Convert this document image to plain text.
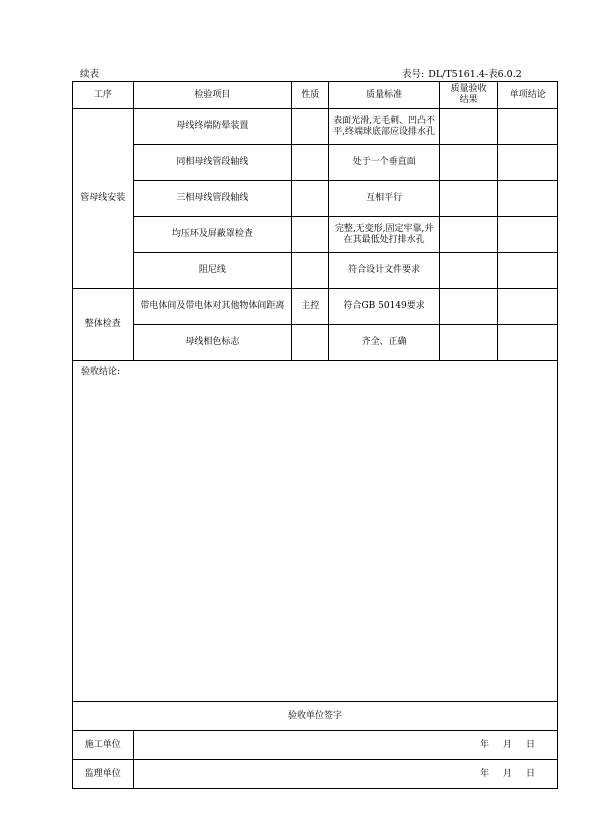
续表	表号: DL/T5161.4-表6.0.2
工序	检验项目	性质	质量标准	质量验收结果	单项结论
管母线安装	母线终端防晕装置		表面光滑,无毛刺、凹凸不平,终端球底部应设排水孔		
	同相母线管段轴线		处于一个垂直面		
	三相母线管段轴线		互相平行		
	均压环及屏蔽罩检查		完整,无变形,固定牢靠,并在其最低处打排水孔		
	阻尼线		符合设计文件要求		
整体检查	带电体间及带电体对其他物体间距离	主控	符合GB 50149要求		
	母线相色标志		齐全、正确		
验收结论:					
验收单位签字					
施工单位	年 月 日				
监理单位	年 月 日				
